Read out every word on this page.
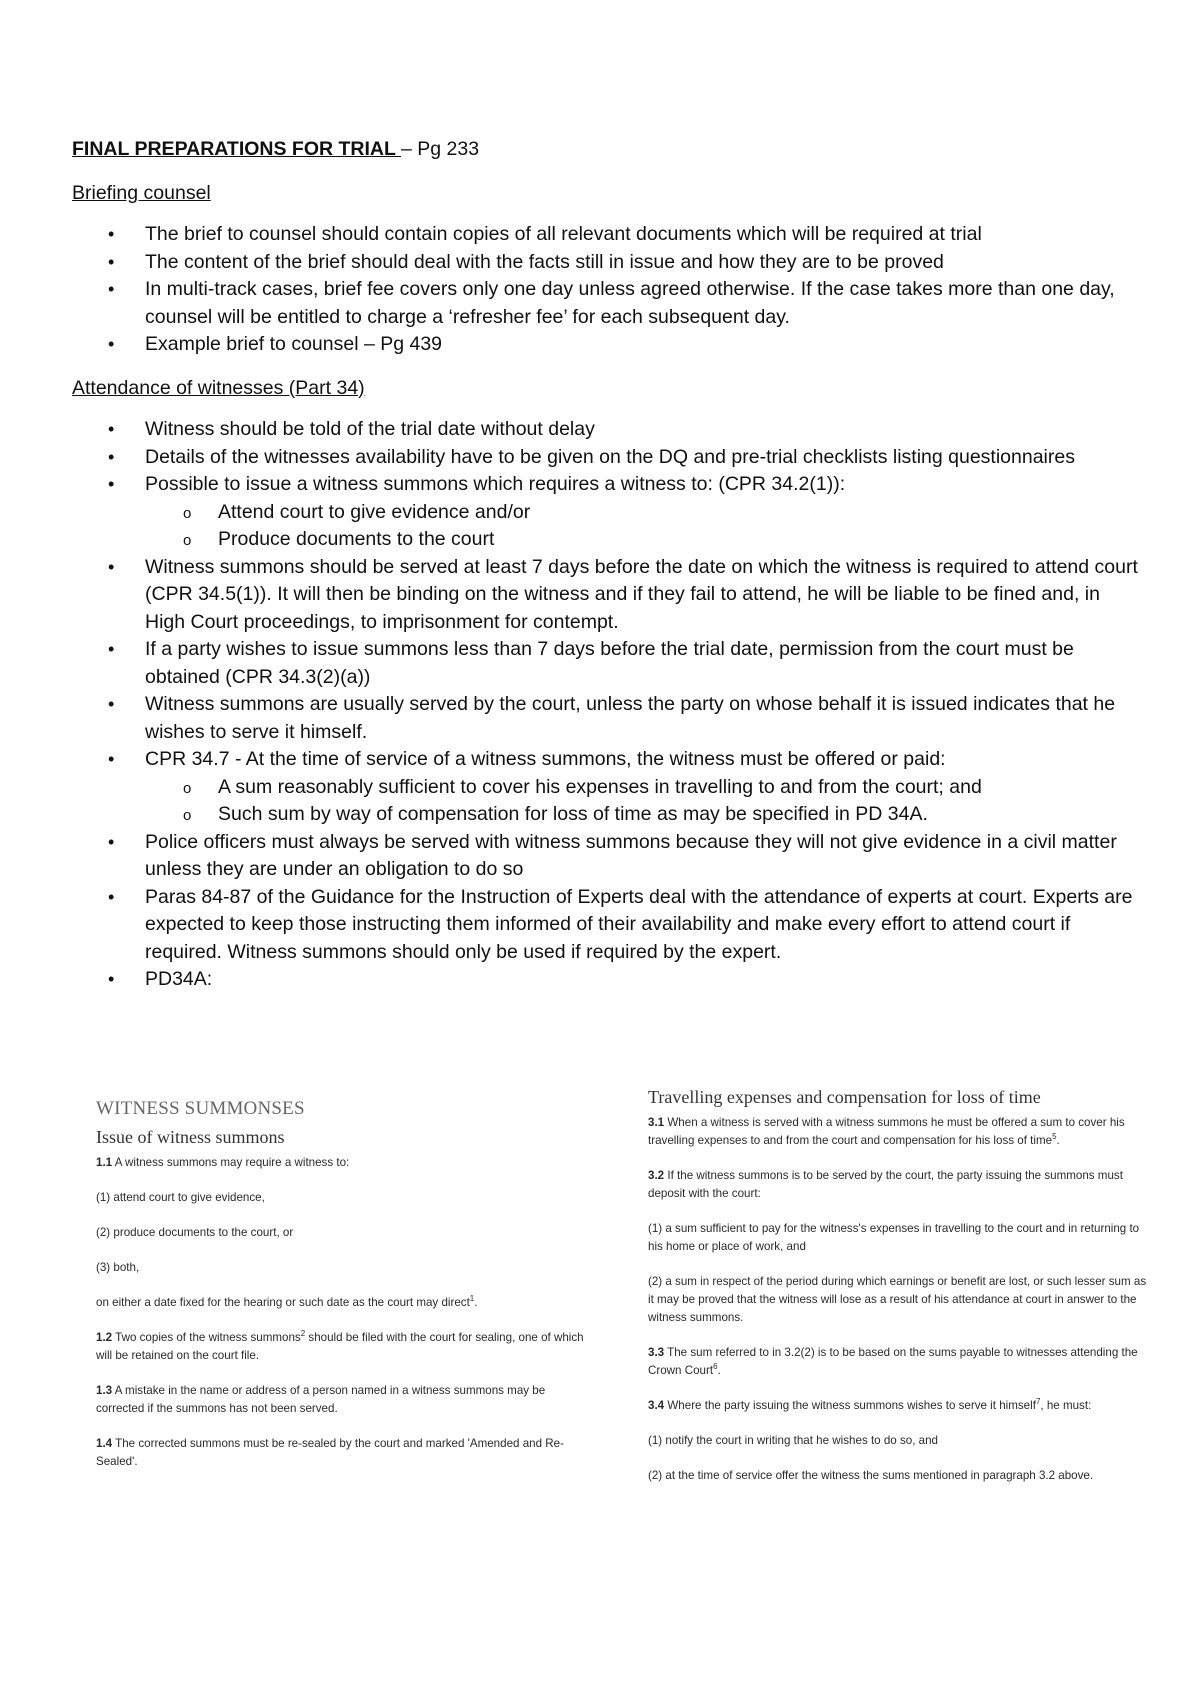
FINAL PREPARATIONS FOR TRIAL – Pg 233
Briefing counsel
• The brief to counsel should contain copies of all relevant documents which will be required at trial
• The content of the brief should deal with the facts still in issue and how they are to be proved
• In multi-track cases, brief fee covers only one day unless agreed otherwise. If the case takes more than one day, counsel will be entitled to charge a ‘refresher fee’ for each subsequent day.
• Example brief to counsel – Pg 439
Attendance of witnesses (Part 34)
• Witness should be told of the trial date without delay
• Details of the witnesses availability have to be given on the DQ and pre-trial checklists listing questionnaires
• Possible to issue a witness summons which requires a witness to: (CPR 34.2(1)):
o Attend court to give evidence and/or
o Produce documents to the court
• Witness summons should be served at least 7 days before the date on which the witness is required to attend court (CPR 34.5(1)). It will then be binding on the witness and if they fail to attend, he will be liable to be fined and, in High Court proceedings, to imprisonment for contempt.
• If a party wishes to issue summons less than 7 days before the trial date, permission from the court must be obtained (CPR 34.3(2)(a))
• Witness summons are usually served by the court, unless the party on whose behalf it is issued indicates that he wishes to serve it himself.
• CPR 34.7 - At the time of service of a witness summons, the witness must be offered or paid:
o A sum reasonably sufficient to cover his expenses in travelling to and from the court; and
o Such sum by way of compensation for loss of time as may be specified in PD 34A.
• Police officers must always be served with witness summons because they will not give evidence in a civil matter unless they are under an obligation to do so
• Paras 84-87 of the Guidance for the Instruction of Experts deal with the attendance of experts at court. Experts are expected to keep those instructing them informed of their availability and make every effort to attend court if required. Witness summons should only be used if required by the expert.
• PD34A:
WITNESS SUMMONSES
Issue of witness summons

1.1 A witness summons may require a witness to:

(1) attend court to give evidence,

(2) produce documents to the court, or

(3) both,

on either a date fixed for the hearing or such date as the court may direct$^1$.

1.2 Two copies of the witness summons$^2$ should be filed with the court for sealing, one of which will be retained on the court file.

1.3 A mistake in the name or address of a person named in a witness summons may be corrected if the summons has not been served.

1.4 The corrected summons must be re-sealed by the court and marked 'Amended and Re-Sealed'.

Travelling expenses and compensation for loss of time

3.1 When a witness is served with a witness summons he must be offered a sum to cover his travelling expenses to and from the court and compensation for his loss of time$^5$.

3.2 If the witness summons is to be served by the court, the party issuing the summons must deposit with the court:

(1) a sum sufficient to pay for the witness's expenses in travelling to the court and in returning to his home or place of work, and

(2) a sum in respect of the period during which earnings or benefit are lost, or such lesser sum as it may be proved that the witness will lose as a result of his attendance at court in answer to the witness summons.

3.3 The sum referred to in 3.2(2) is to be based on the sums payable to witnesses attending the Crown Court$^6$.

3.4 Where the party issuing the witness summons wishes to serve it himself$^7$, he must:

(1) notify the court in writing that he wishes to do so, and

(2) at the time of service offer the witness the sums mentioned in paragraph 3.2 above.
